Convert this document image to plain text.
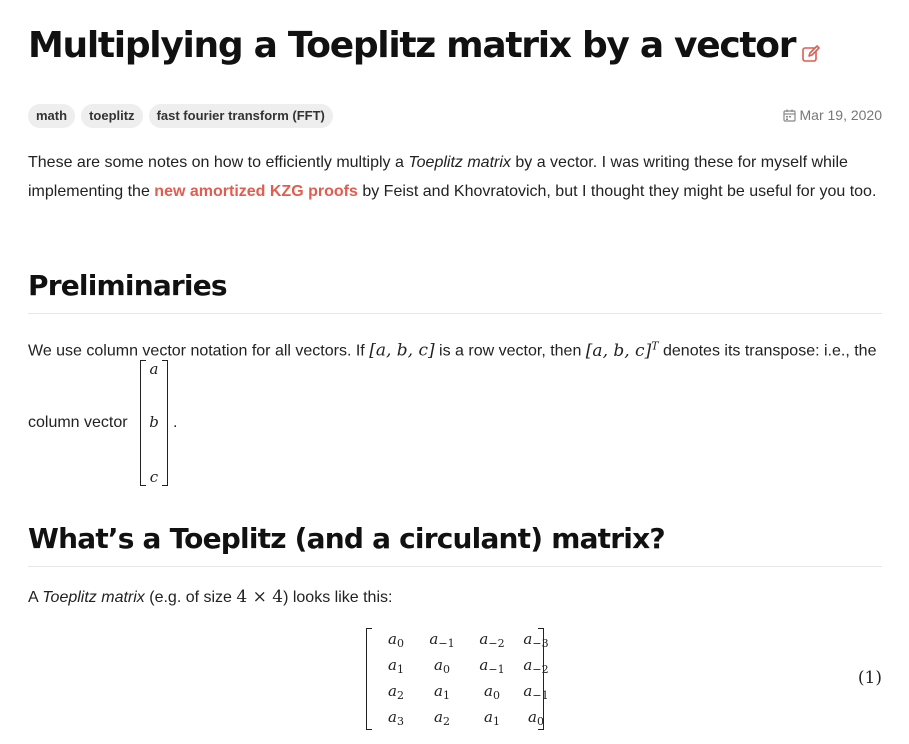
Multiplying a Toeplitz matrix by a vector
math	toeplitz	fast fourier transform (FFT)	Mar 19, 2020

These are some notes on how to efficiently multiply a Toeplitz matrix by a vector. I was writing these for myself while implementing the new amortized KZG proofs by Feist and Khovratovich, but I thought they might be useful for you too.

Preliminaries

We use column vector notation for all vectors. If [a, b, c] is a row vector, then [a, b, c]$^T$ denotes its transpose: i.e., the

column vector
a
b
c
.
What’s a Toeplitz (and a circulant) matrix?

A Toeplitz matrix (e.g. of size 4 × 4) looks like this:

$a_0$	$a_{-1}$	$a_{-2}$	$a_{-3}$
$a_1$	$a_0$	$a_{-1}$	$a_{-2}$
$a_2$	$a_1$	$a_0$	$a_{-1}$
$a_3$	$a_2$	$a_1$	$a_0$
(1)
